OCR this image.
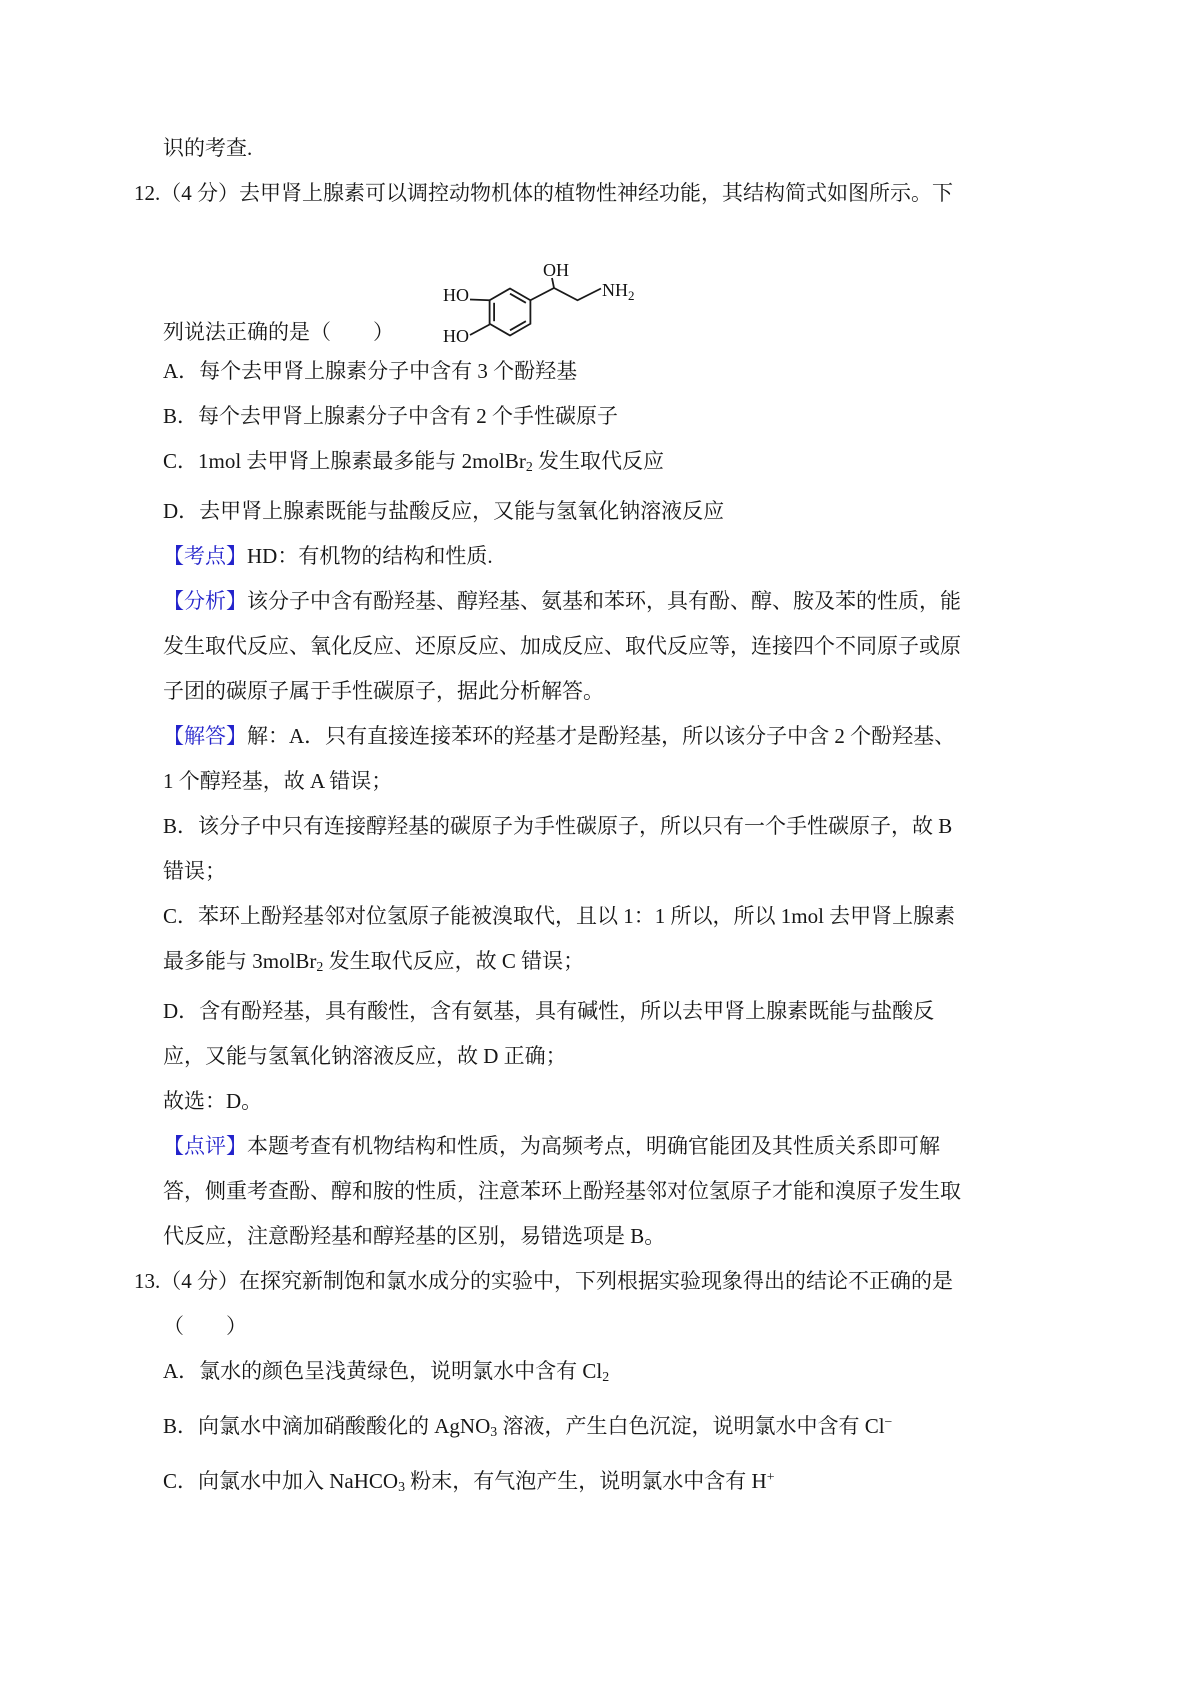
识的考查.
12.（4 分）去甲肾上腺素可以调控动物机体的植物性神经功能，其结构简式如图所示。下
列说法正确的是（　　）
OH
HO
HO
$NH_2$
A．每个去甲肾上腺素分子中含有 3 个酚羟基
B．每个去甲肾上腺素分子中含有 2 个手性碳原子
C．1mol 去甲肾上腺素最多能与 2molBr2 发生取代反应
D．去甲肾上腺素既能与盐酸反应，又能与氢氧化钠溶液反应
【考点】HD：有机物的结构和性质.
【分析】该分子中含有酚羟基、醇羟基、氨基和苯环，具有酚、醇、胺及苯的性质，能
发生取代反应、氧化反应、还原反应、加成反应、取代反应等，连接四个不同原子或原
子团的碳原子属于手性碳原子，据此分析解答。
【解答】解：A．只有直接连接苯环的羟基才是酚羟基，所以该分子中含 2 个酚羟基、
1 个醇羟基，故 A 错误；
B．该分子中只有连接醇羟基的碳原子为手性碳原子，所以只有一个手性碳原子，故 B
错误；
C．苯环上酚羟基邻对位氢原子能被溴取代，且以 1：1 所以，所以 1mol 去甲肾上腺素
最多能与 3molBr2 发生取代反应，故 C 错误；
D．含有酚羟基，具有酸性，含有氨基，具有碱性，所以去甲肾上腺素既能与盐酸反
应，又能与氢氧化钠溶液反应，故 D 正确；
故选：D。
【点评】本题考查有机物结构和性质，为高频考点，明确官能团及其性质关系即可解
答，侧重考查酚、醇和胺的性质，注意苯环上酚羟基邻对位氢原子才能和溴原子发生取
代反应，注意酚羟基和醇羟基的区别，易错选项是 B。
13.（4 分）在探究新制饱和氯水成分的实验中，下列根据实验现象得出的结论不正确的是
（　　）
A．氯水的颜色呈浅黄绿色，说明氯水中含有 Cl2
B．向氯水中滴加硝酸酸化的 AgNO3 溶液，产生白色沉淀，说明氯水中含有 Cl−
C．向氯水中加入 NaHCO3 粉末，有气泡产生，说明氯水中含有 H+
